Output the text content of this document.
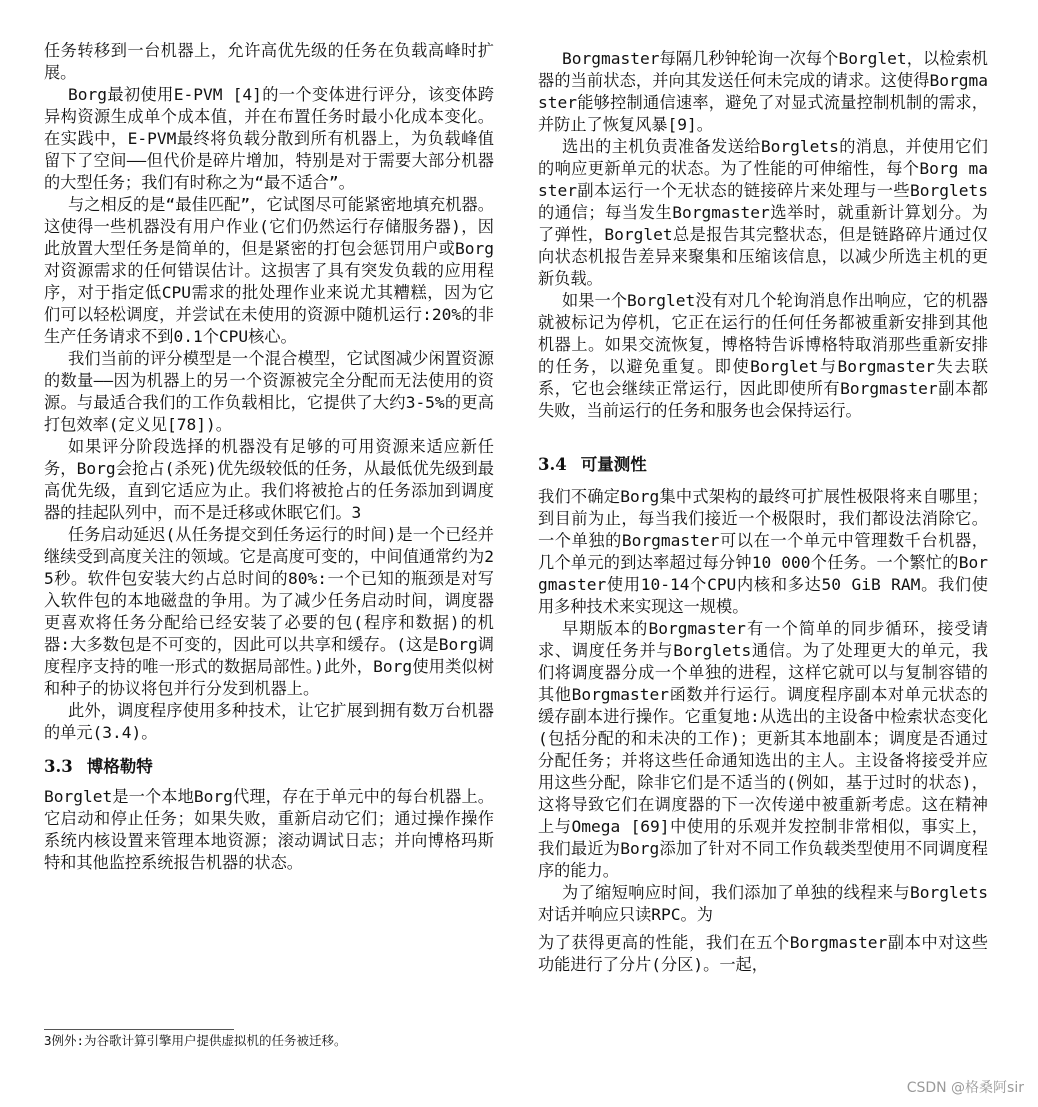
任务转移到一台机器上，允许高优先级的任务在负载高峰时扩展。

Borg最初使用E-PVM [4]的一个变体进行评分，该变体跨异构资源生成单个成本值，并在布置任务时最小化成本变化。在实践中，E-PVM最终将负载分散到所有机器上，为负载峰值留下了空间——但代价是碎片增加，特别是对于需要大部分机器的大型任务；我们有时称之为“最不适合”。

与之相反的是“最佳匹配”，它试图尽可能紧密地填充机器。这使得一些机器没有用户作业(它们仍然运行存储服务器)，因此放置大型任务是简单的，但是紧密的打包会惩罚用户或Borg对资源需求的任何错误估计。这损害了具有突发负载的应用程序，对于指定低CPU需求的批处理作业来说尤其糟糕，因为它们可以轻松调度，并尝试在未使用的资源中随机运行:20%的非生产任务请求不到0.1个CPU核心。

我们当前的评分模型是一个混合模型，它试图减少闲置资源的数量——因为机器上的另一个资源被完全分配而无法使用的资源。与最适合我们的工作负载相比，它提供了大约3-5%的更高打包效率(定义见[78])。

如果评分阶段选择的机器没有足够的可用资源来适应新任务，Borg会抢占(杀死)优先级较低的任务，从最低优先级到最高优先级，直到它适应为止。我们将被抢占的任务添加到调度器的挂起队列中，而不是迁移或休眠它们。3

任务启动延迟(从任务提交到任务运行的时间)是一个已经并继续受到高度关注的领域。它是高度可变的，中间值通常约为25秒。软件包安装大约占总时间的80%:一个已知的瓶颈是对写入软件包的本地磁盘的争用。为了减少任务启动时间，调度器更喜欢将任务分配给已经安装了必要的包(程序和数据)的机器:大多数包是不可变的，因此可以共享和缓存。(这是Borg调度程序支持的唯一形式的数据局部性。)此外，Borg使用类似树和种子的协议将包并行分发到机器上。

此外，调度程序使用多种技术，让它扩展到拥有数万台机器的单元(3.4)。

3.3 博格勒特

Borglet是一个本地Borg代理，存在于单元中的每台机器上。它启动和停止任务；如果失败，重新启动它们；通过操作操作系统内核设置来管理本地资源；滚动调试日志；并向博格玛斯特和其他监控系统报告机器的状态。

Borgmaster每隔几秒钟轮询一次每个Borglet，以检索机器的当前状态，并向其发送任何未完成的请求。这使得Borgmaster能够控制通信速率，避免了对显式流量控制机制的需求，并防止了恢复风暴[9]。

选出的主机负责准备发送给Borglets的消息，并使用它们的响应更新单元的状态。为了性能的可伸缩性，每个Borg master副本运行一个无状态的链接碎片来处理与一些Borglets的通信；每当发生Borgmaster选举时，就重新计算划分。为了弹性，Borglet总是报告其完整状态，但是链路碎片通过仅向状态机报告差异来聚集和压缩该信息，以减少所选主机的更新负载。

如果一个Borglet没有对几个轮询消息作出响应，它的机器就被标记为停机，它正在运行的任何任务都被重新安排到其他机器上。如果交流恢复，博格特告诉博格特取消那些重新安排的任务，以避免重复。即使Borglet与Borgmaster失去联系，它也会继续正常运行，因此即使所有Borgmaster副本都失败，当前运行的任务和服务也会保持运行。

3.4 可量测性

我们不确定Borg集中式架构的最终可扩展性极限将来自哪里；到目前为止，每当我们接近一个极限时，我们都设法消除它。一个单独的Borgmaster可以在一个单元中管理数千台机器，几个单元的到达率超过每分钟10 000个任务。一个繁忙的Borgmaster使用10-14个CPU内核和多达50 GiB RAM。我们使用多种技术来实现这一规模。

早期版本的Borgmaster有一个简单的同步循环，接受请求、调度任务并与Borglets通信。为了处理更大的单元，我们将调度器分成一个单独的进程，这样它就可以与复制容错的其他Borgmaster函数并行运行。调度程序副本对单元状态的缓存副本进行操作。它重复地:从选出的主设备中检索状态变化(包括分配的和未决的工作)；更新其本地副本；调度是否通过分配任务；并将这些任命通知选出的主人。主设备将接受并应用这些分配，除非它们是不适当的(例如，基于过时的状态)，这将导致它们在调度器的下一次传递中被重新考虑。这在精神上与Omega [69]中使用的乐观并发控制非常相似，事实上，我们最近为Borg添加了针对不同工作负载类型使用不同调度程序的能力。

为了缩短响应时间，我们添加了单独的线程来与Borglets对话并响应只读RPC。为

为了获得更高的性能，我们在五个Borgmaster副本中对这些功能进行了分片(分区)。一起，

3例外:为谷歌计算引擎用户提供虚拟机的任务被迁移。
CSDN @格桑阿sir
